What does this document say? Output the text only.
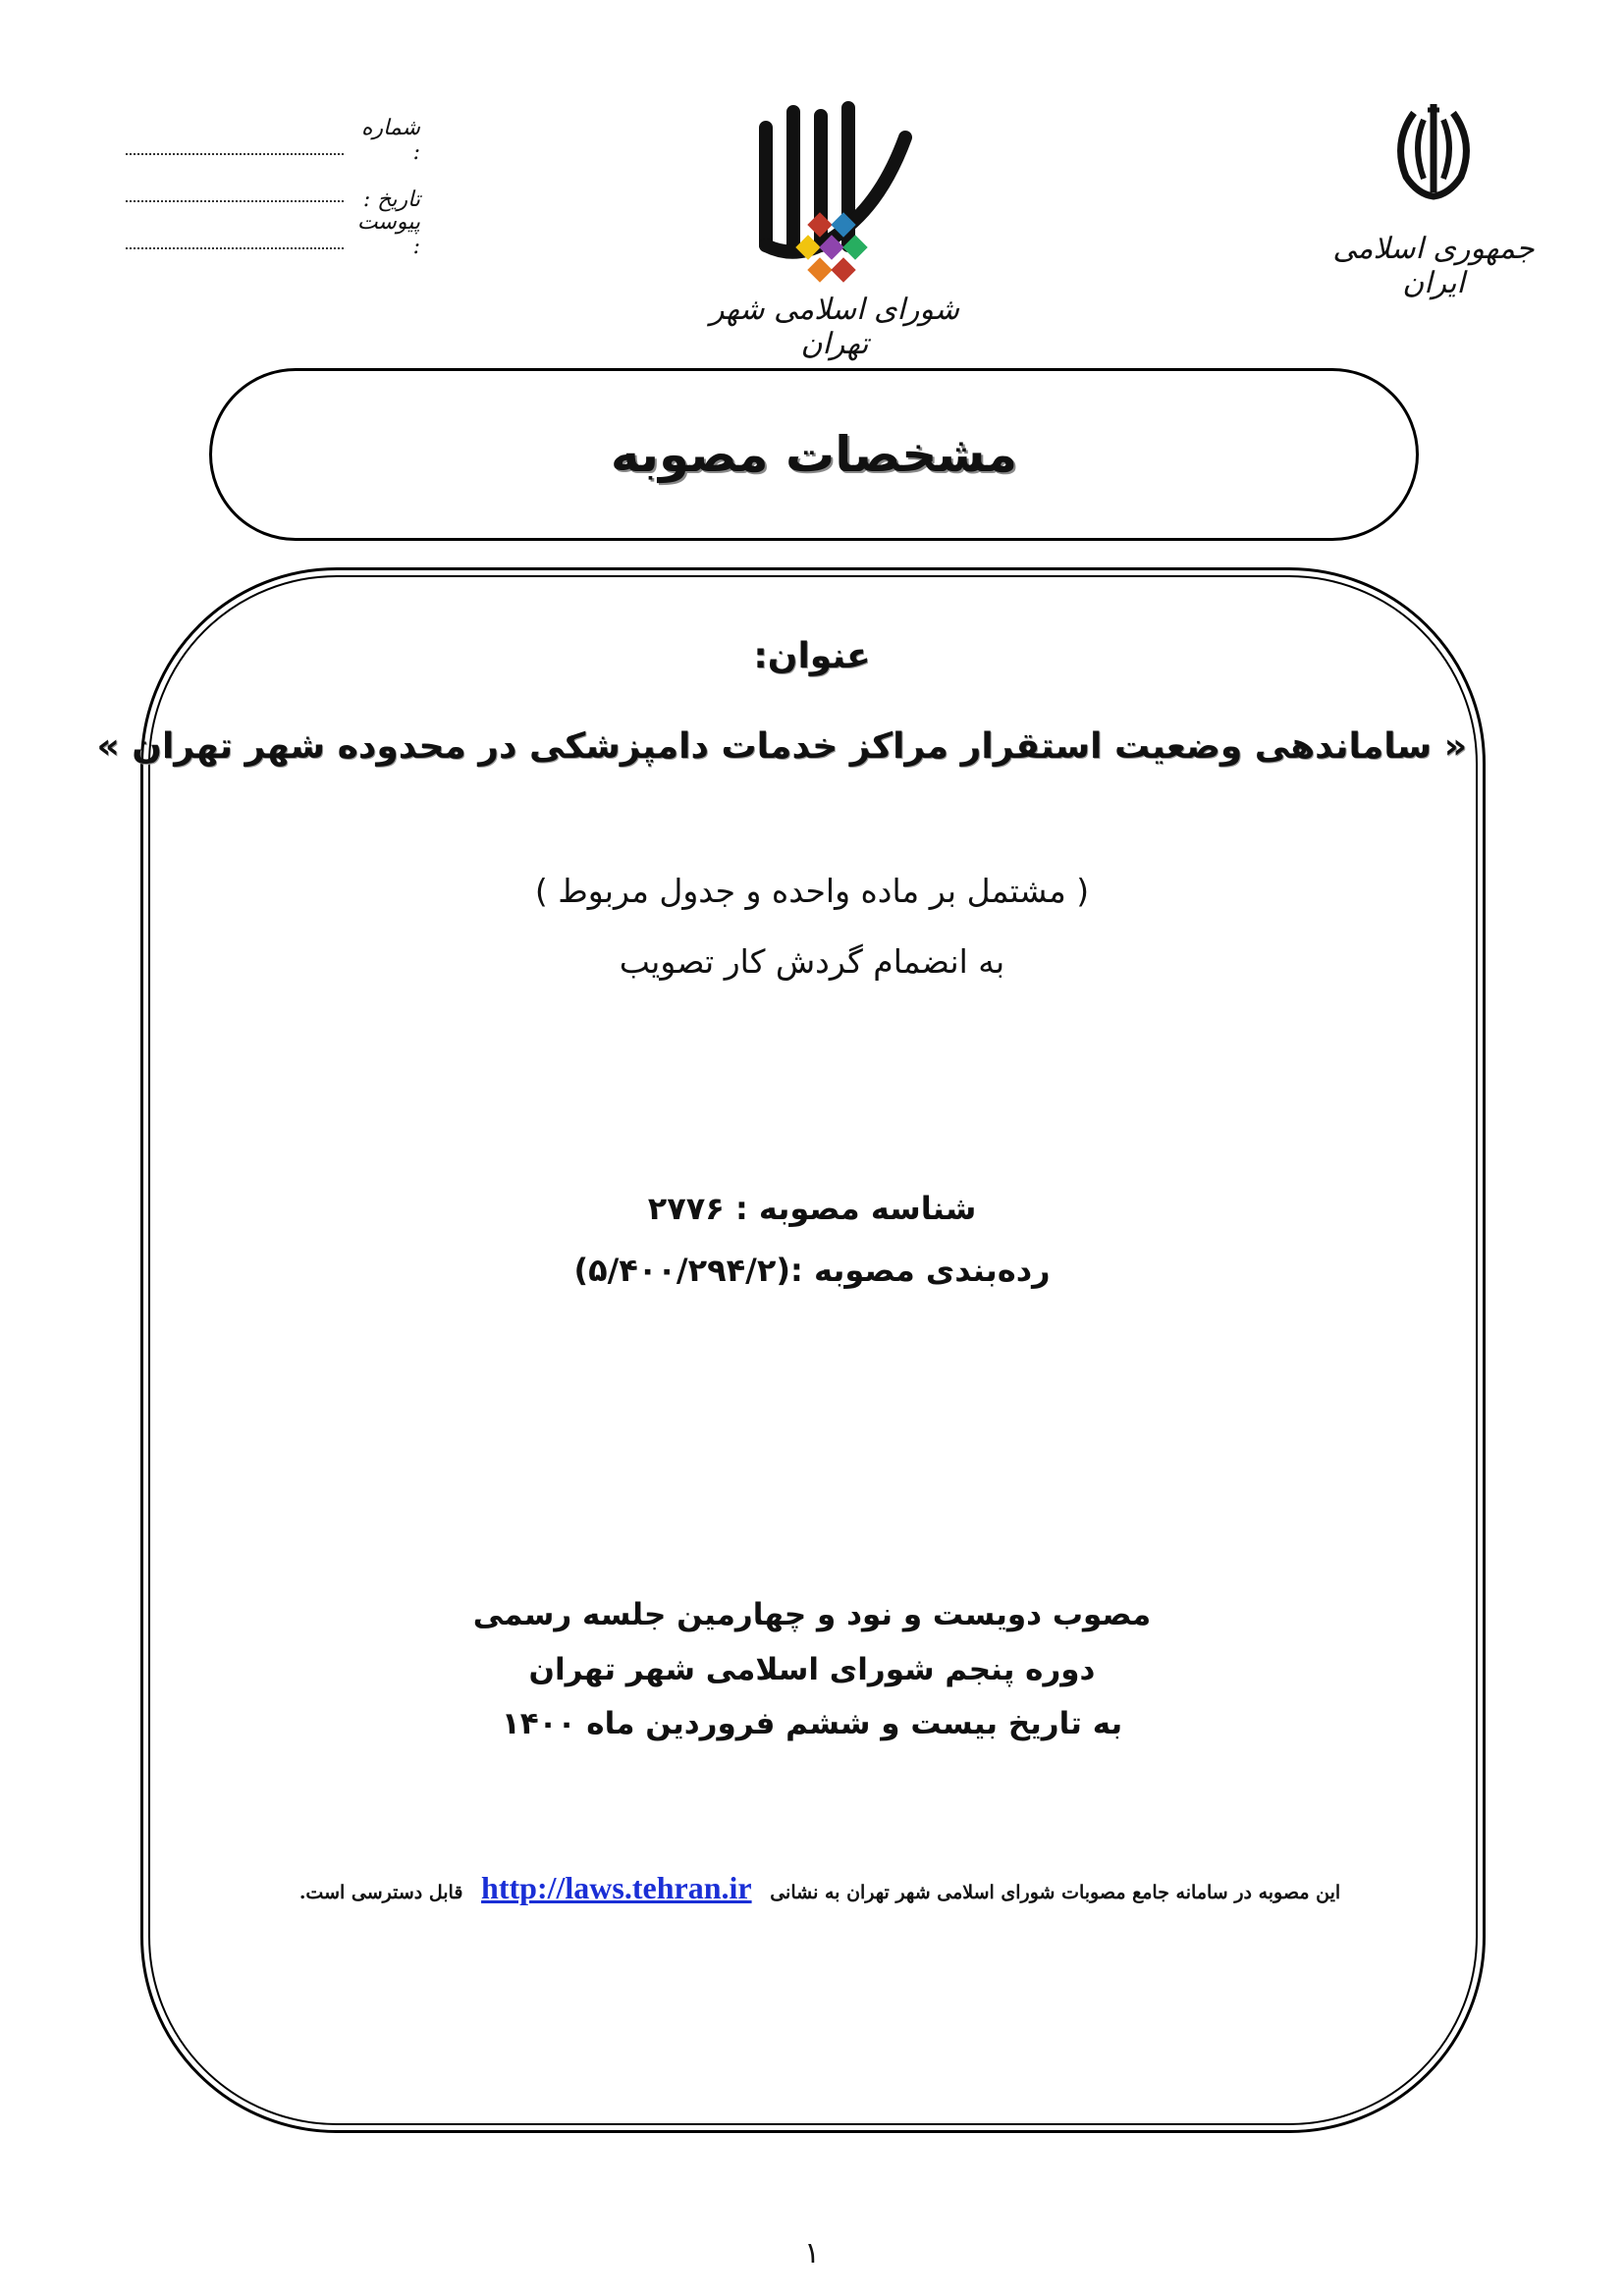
شماره :
تاریخ :
پیوست :
شورای اسلامی شهر تهران
جمهوری اسلامی ایران
مشخصات مصوبه
عنوان:
« ساماندهی وضعیت استقرار مراکز خدمات دامپزشکی در محدوده شهر تهران »
( مشتمل بر ماده واحده و جدول مربوط )
به انضمام گردش کار تصویب
شناسه مصوبه : ۲۷۷۶
رده‌بندی مصوبه :(۵/۴۰۰/۲۹۴/۲)
مصوب دویست و نود و چهارمین جلسه رسمی
دوره پنجم شورای اسلامی شهر تهران
به تاریخ بیست و ششم فروردین ماه ۱۴۰۰
این مصوبه در سامانه جامع مصوبات شورای اسلامی شهر تهران به نشانی http://laws.tehran.ir قابل دسترسی است.
۱
